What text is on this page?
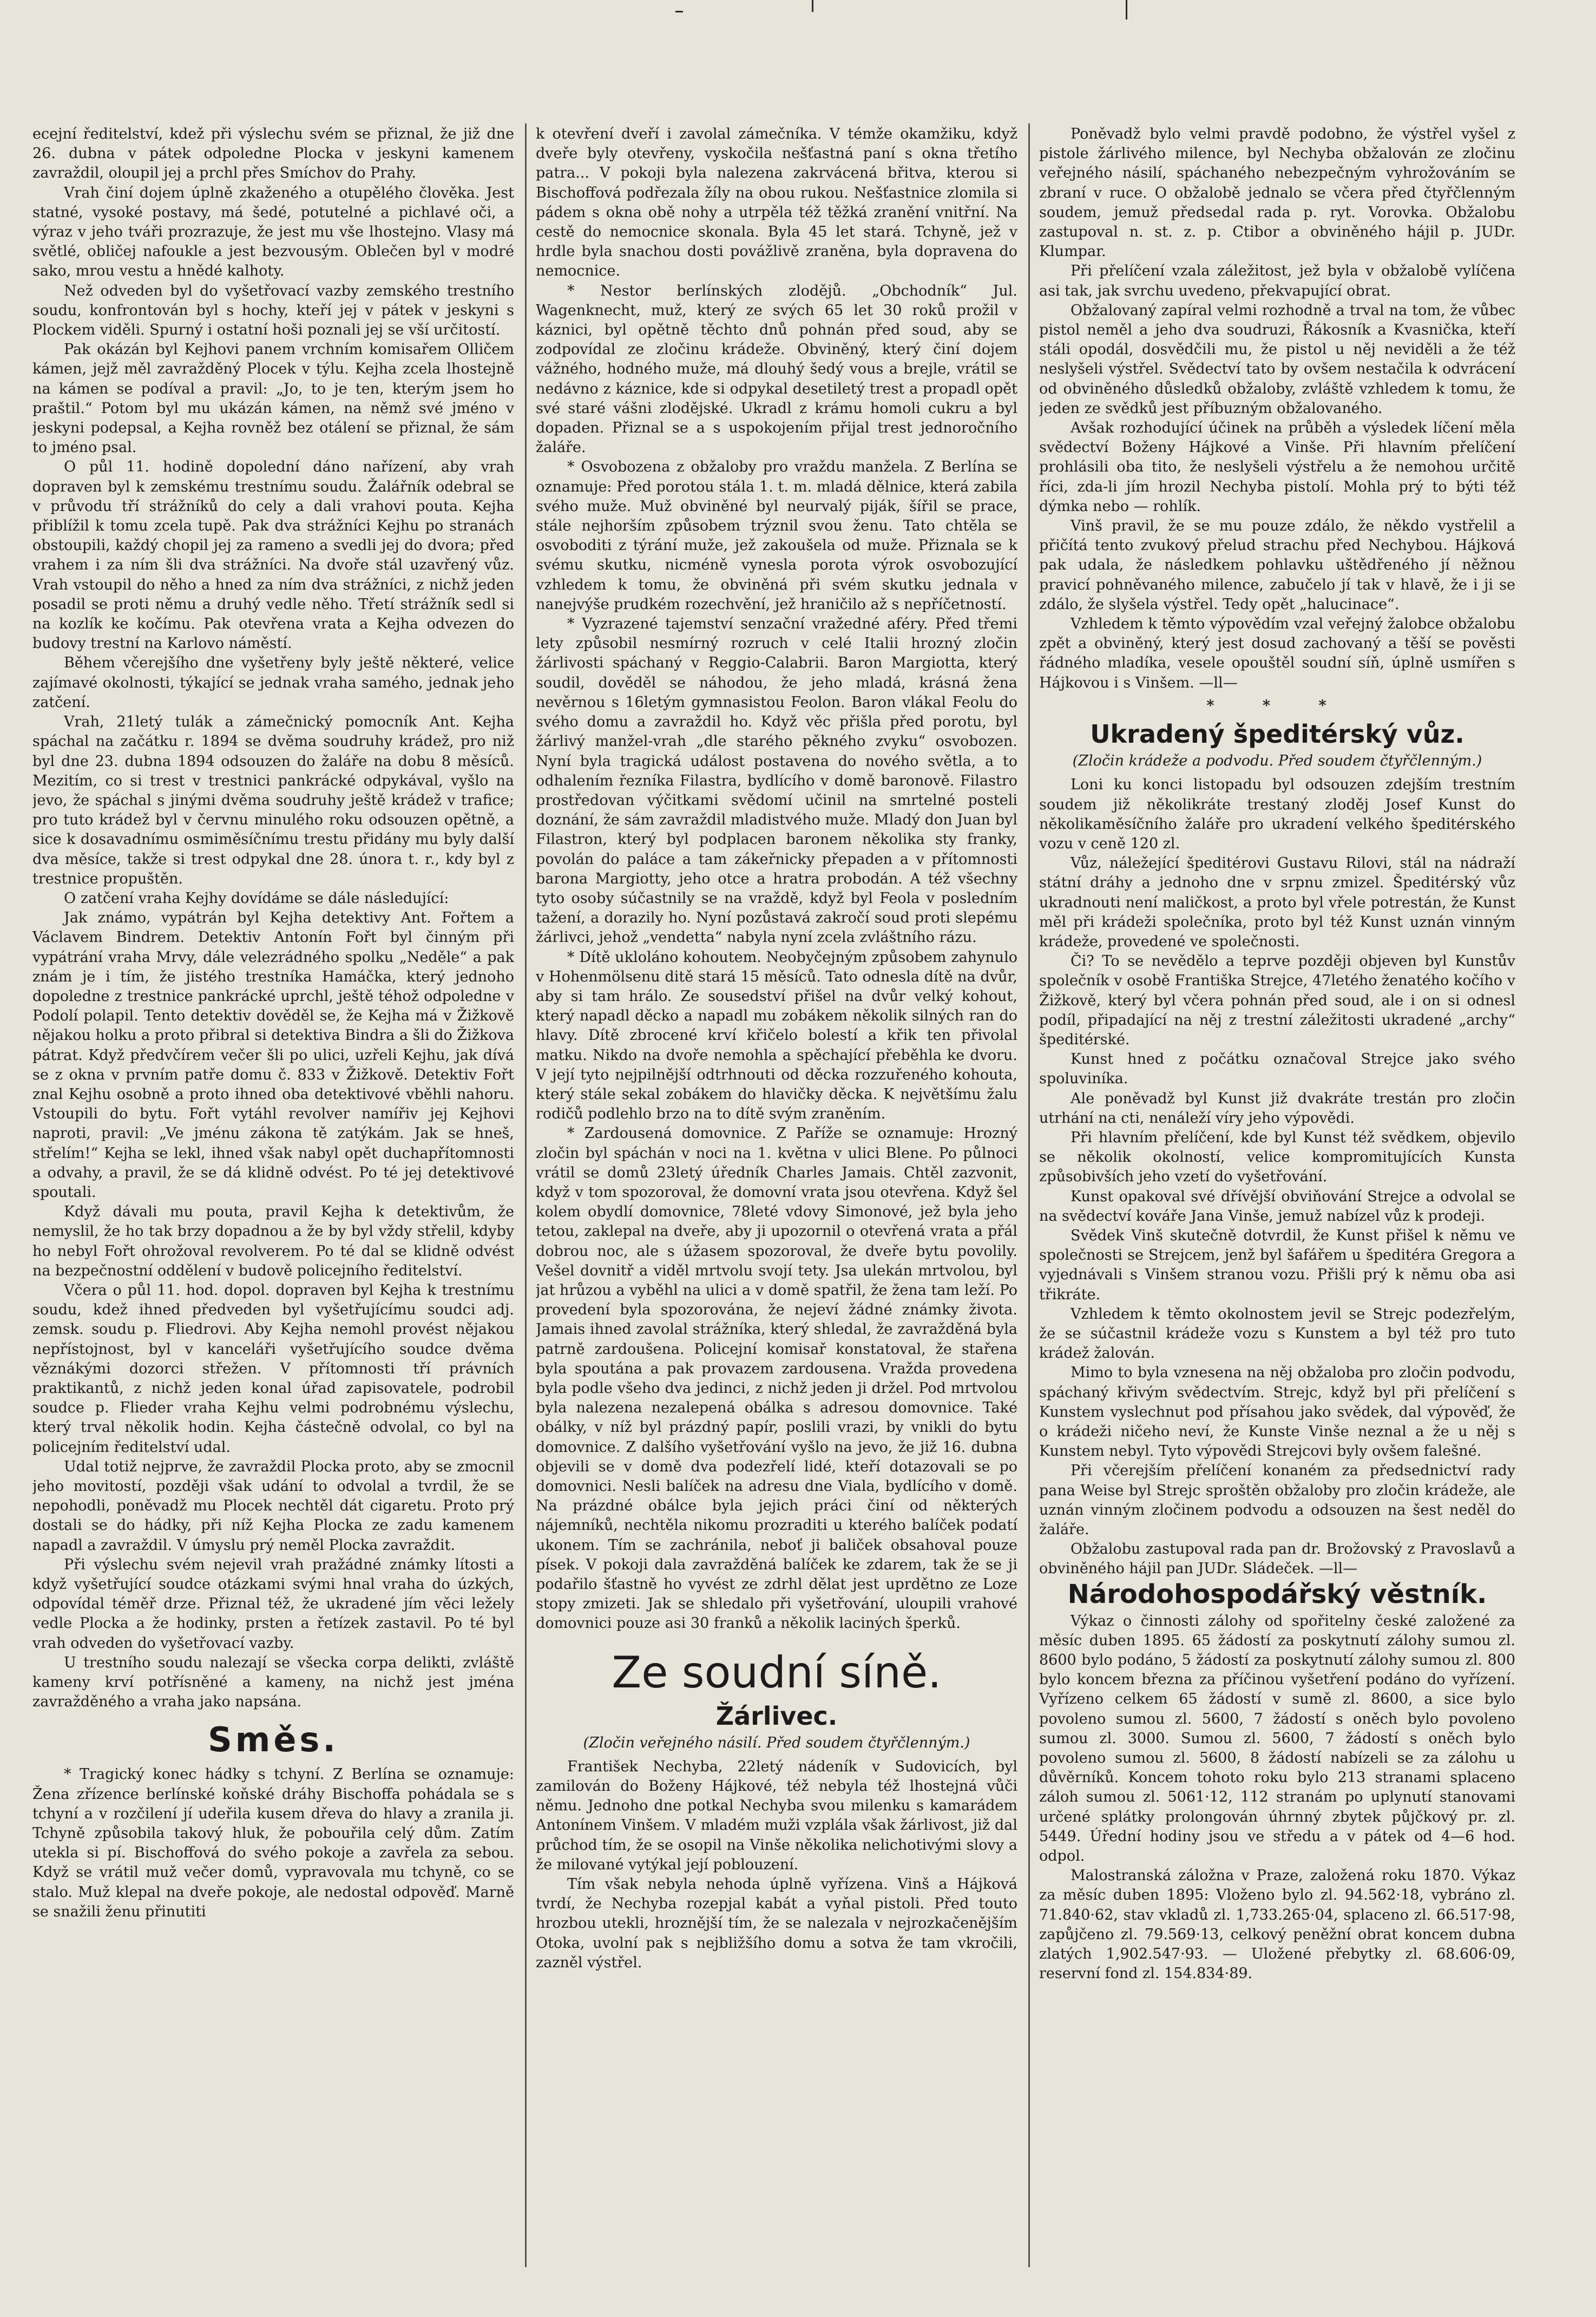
ecejní ředitelství, kdež při výslechu svém se přiznal, že již dne 26. dubna v pátek odpoledne Plocka v jeskyni kamenem zavraždil, oloupil jej a prchl přes Smíchov do Prahy.

Vrah činí dojem úplně zkaženého a otupělého člověka. Jest statné, vysoké postavy, má šedé, potutelné a pichlavé oči, a výraz v jeho tváři prozrazuje, že jest mu vše lhostejno. Vlasy má světlé, obličej nafoukle a jest bezvousým. Oblečen byl v modré sako, mrou vestu a hnědé kalhoty.

Než odveden byl do vyšetřovací vazby zemského trestního soudu, konfrontován byl s hochy, kteří jej v pátek v jeskyni s Plockem viděli. Spurný i ostatní hoši poznali jej se vší určitostí.

Pak okázán byl Kejhovi panem vrchním komisařem Olličem kámen, jejž měl zavražděný Plocek v týlu. Kejha zcela lhostejně na kámen se podíval a pravil: „Jo, to je ten, kterým jsem ho praštil.“ Potom byl mu ukázán kámen, na němž své jméno v jeskyni podepsal, a Kejha rovněž bez otálení se přiznal, že sám to jméno psal.

O půl 11. hodině dopolední dáno nařízení, aby vrah dopraven byl k zemskému trestnímu soudu. Žalářník odebral se v průvodu tří strážníků do cely a dali vrahovi pouta. Kejha přiblížil k tomu zcela tupě. Pak dva strážníci Kejhu po stranách obstoupili, každý chopil jej za rameno a svedli jej do dvora; před vrahem i za ním šli dva strážníci. Na dvoře stál uzavřený vůz. Vrah vstoupil do něho a hned za ním dva strážníci, z nichž jeden posadil se proti němu a druhý vedle něho. Třetí strážník sedl si na kozlík ke kočímu. Pak otevřena vrata a Kejha odvezen do budovy trestní na Karlovo náměstí.

Během včerejšího dne vyšetřeny byly ještě některé, velice zajímavé okolnosti, týkající se jednak vraha samého, jednak jeho zatčení.

Vrah, 21letý tulák a zámečnický pomocník Ant. Kejha spáchal na začátku r. 1894 se dvěma soudruhy krádež, pro niž byl dne 23. dubna 1894 odsouzen do žaláře na dobu 8 měsíců. Mezitím, co si trest v trestnici pankrácké odpykával, vyšlo na jevo, že spáchal s jinými dvěma soudruhy ještě krádež v trafice; pro tuto krádež byl v červnu minulého roku odsouzen opětně, a sice k dosavadnímu osmiměsíčnímu trestu přidány mu byly další dva měsíce, takže si trest odpykal dne 28. února t. r., kdy byl z trestnice propuštěn.

O zatčení vraha Kejhy dovídáme se dále následující:

Jak známo, vypátrán byl Kejha detektivy Ant. Fořtem a Václavem Bindrem. Detektiv Antonín Fořt byl činným při vypátrání vraha Mrvy, dále velezrádného spolku „Neděle“ a pak znám je i tím, že jistého trestníka Hamáčka, který jednoho dopoledne z trestnice pankrácké uprchl, ještě téhož odpoledne v Podolí polapil. Tento detektiv dověděl se, že Kejha má v Žižkově nějakou holku a proto přibral si detektiva Bindra a šli do Žižkova pátrat. Když předvčírem večer šli po ulici, uzřeli Kejhu, jak dívá se z okna v prvním patře domu č. 833 v Žižkově. Detektiv Fořt znal Kejhu osobně a proto ihned oba detektivové vběhli nahoru. Vstoupili do bytu. Fořt vytáhl revolver namířiv jej Kejhovi naproti, pravil: „Ve jménu zákona tě zatýkám. Jak se hneš, střelím!“ Kejha se lekl, ihned však nabyl opět duchapřítomnosti a odvahy, a pravil, že se dá klidně odvést. Po té jej detektivové spoutali.

Když dávali mu pouta, pravil Kejha k detektivům, že nemyslil, že ho tak brzy dopadnou a že by byl vždy střelil, kdyby ho nebyl Fořt ohrožoval revolverem. Po té dal se klidně odvést na bezpečnostní oddělení v budově policejního ředitelství.

Včera o půl 11. hod. dopol. dopraven byl Kejha k trestnímu soudu, kdež ihned předveden byl vyšetřujícímu soudci adj. zemsk. soudu p. Fliedrovi. Aby Kejha nemohl provést nějakou nepřístojnost, byl v kanceláři vyšetřujícího soudce dvěma věznákými dozorci střežen. V přítomnosti tří právních praktikantů, z nichž jeden konal úřad zapisovatele, podrobil soudce p. Flieder vraha Kejhu velmi podrobnému výslechu, který trval několik hodin. Kejha částečně odvolal, co byl na policejním ředitelství udal.

Udal totiž nejprve, že zavraždil Plocka proto, aby se zmocnil jeho movitostí, později však udání to odvolal a tvrdil, že se nepohodli, poněvadž mu Plocek nechtěl dát cigaretu. Proto prý dostali se do hádky, při níž Kejha Plocka ze zadu kamenem napadl a zavraždil. V úmyslu prý neměl Plocka zavraždit.

Při výslechu svém nejevil vrah pražádné známky lítosti a když vyšetřující soudce otázkami svými hnal vraha do úzkých, odpovídal téměř drze. Přiznal též, že ukradené jím věci ležely vedle Plocka a že hodinky, prsten a řetízek zastavil. Po té byl vrah odveden do vyšetřovací vazby.

U trestního soudu nalezají se všecka corpa delikti, zvláště kameny krví potřísněné a kameny, na nichž jest jména zavražděného a vraha jako napsána.

Směs.

* Tragický konec hádky s tchyní. Z Berlína se oznamuje: Žena zřízence berlínské koňské dráhy Bischoffa pohádala se s tchyní a v rozčilení jí udeřila kusem dřeva do hlavy a zranila ji. Tchyně způsobila takový hluk, že pobouřila celý dům. Zatím utekla si pí. Bischoffová do svého pokoje a zavřela za sebou. Když se vrátil muž večer domů, vypravovala mu tchyně, co se stalo. Muž klepal na dveře pokoje, ale nedostal odpověď. Marně se snažili ženu přinutiti

k otevření dveří i zavolal zámečníka. V témže okamžiku, když dveře byly otevřeny, vyskočila nešťastná paní s okna třetího patra... V pokoji byla nalezena zakrvácená břitva, kterou si Bischoffová podřezala žíly na obou rukou. Nešťastnice zlomila si pádem s okna obě nohy a utrpěla též těžká zranění vnitřní. Na cestě do nemocnice skonala. Byla 45 let stará. Tchyně, jež v hrdle byla snachou dosti povážlivě zraněna, byla dopravena do nemocnice.

* Nestor berlínských zlodějů. „Obchodník“ Jul. Wagenknecht, muž, který ze svých 65 let 30 roků prožil v káznici, byl opětně těchto dnů pohnán před soud, aby se zodpovídal ze zločinu krádeže. Obviněný, který činí dojem vážného, hodného muže, má dlouhý šedý vous a brejle, vrátil se nedávno z káznice, kde si odpykal desetiletý trest a propadl opět své staré vášni zlodějské. Ukradl z krámu homoli cukru a byl dopaden. Přiznal se a s uspokojením přijal trest jednoročního žaláře.

* Osvobozena z obžaloby pro vraždu manžela. Z Berlína se oznamuje: Před porotou stála 1. t. m. mladá dělnice, která zabila svého muže. Muž obviněné byl neurvalý piják, šířil se prace, stále nejhorším způsobem trýznil svou ženu. Tato chtěla se osvoboditi z týrání muže, jež zakoušela od muže. Přiznala se k svému skutku, nicméně vynesla porota výrok osvobozující vzhledem k tomu, že obviněná při svém skutku jednala v nanejvýše prudkém rozechvění, jež hraničilo až s nepříčetností.

* Vyzrazené tajemství senzační vražedné aféry. Před třemi lety způsobil nesmírný rozruch v celé Italii hrozný zločin žárlivosti spáchaný v Reggio-Calabrii. Baron Margiotta, který soudil, dověděl se náhodou, že jeho mladá, krásná žena nevěrnou s 16letým gymnasistou Feolon. Baron vlákal Feolu do svého domu a zavraždil ho. Když věc přišla před porotu, byl žárlivý manžel-vrah „dle starého pěkného zvyku“ osvobozen. Nyní byla tragická událost postavena do nového světla, a to odhalením řezníka Filastra, bydlícího v domě baronově. Filastro prostředovan výčitkami svědomí učinil na smrtelné posteli doznání, že sám zavraždil mladistvého muže. Mladý don Juan byl Filastron, který byl podplacen baronem několika sty franky, povolán do paláce a tam zákeřnicky přepaden a v přítomnosti barona Margiotty, jeho otce a hratra probodán. A též všechny tyto osoby súčastnily se na vraždě, když byl Feola v posledním tažení, a dorazily ho. Nyní pozůstavá zakročí soud proti slepému žárlivci, jehož „vendetta“ nabyla nyní zcela zvláštního rázu.

* Dítě ukloláno kohoutem. Neobyčejným způsobem zahynulo v Hohenmölsenu ditě stará 15 měsíců. Tato odnesla dítě na dvůr, aby si tam hrálo. Ze sousedství přišel na dvůr velký kohout, který napadl děcko a napadl mu zobákem několik silných ran do hlavy. Dítě zbrocené krví křičelo bolestí a křik ten přivolal matku. Nikdo na dvoře nemohla a spěchající přeběhla ke dvoru. V její tyto nejpilnější odtrhnouti od děcka rozzuřeného kohouta, který stále sekal zobákem do hlavičky děcka. K největšímu žalu rodičů podlehlo brzo na to dítě svým zraněním.

* Zardousená domovnice. Z Paříže se oznamuje: Hrozný zločin byl spáchán v noci na 1. května v ulici Blene. Po půlnoci vrátil se domů 23letý úředník Charles Jamais. Chtěl zazvonit, když v tom spozoroval, že domovní vrata jsou otevřena. Když šel kolem obydlí domovnice, 78leté vdovy Simonové, jež byla jeho tetou, zaklepal na dveře, aby ji upozornil o otevřená vrata a přál dobrou noc, ale s úžasem spozoroval, že dveře bytu povolily. Vešel dovnitř a viděl mrtvolu svojí tety. Jsa ulekán mrtvolou, byl jat hrůzou a vyběhl na ulici a v domě spatřil, že žena tam leží. Po provedení byla spozorována, že nejeví žádné známky života. Jamais ihned zavolal strážníka, který shledal, že zavražděná byla patrně zardoušena. Policejní komisař konstatoval, že stařena byla spoutána a pak provazem zardousena. Vražda provedena byla podle všeho dva jedinci, z nichž jeden ji držel. Pod mrtvolou byla nalezena nezalepená obálka s adresou domovnice. Také obálky, v níž byl prázdný papír, poslili vrazi, by vnikli do bytu domovnice. Z dalšího vyšetřování vyšlo na jevo, že již 16. dubna objevili se v domě dva podezřelí lidé, kteří dotazovali se po domovnici. Nesli balíček na adresu dne Viala, bydlícího v domě. Na prázdné obálce byla jejich práci činí od některých nájemníků, nechtěla nikomu prozraditi u kterého balíček podatí ukonem. Tím se zachránila, neboť ji baliček obsahoval pouze písek. V pokoji dala zavražděná balíček ke zdarem, tak že se ji podařilo šťastně ho vyvést ze zdrhl dělat jest uprdětno ze Loze stopy zmizeti. Jak se shledalo při vyšetřování, uloupili vrahové domovnici pouze asi 30 franků a několik laciných šperků.

Ze soudní síně.
Žárlivec.
(Zločin veřejného násilí. Před soudem čtyřčlenným.)

František Nechyba, 22letý nádeník v Sudovicích, byl zamilován do Boženy Hájkové, též nebyla též lhostejná vůči němu. Jednoho dne potkal Nechyba svou milenku s kamarádem Antonínem Vinšem. V mladém muži vzplála však žárlivost, již dal průchod tím, že se osopil na Vinše několika nelichotivými slovy a že milované vytýkal její poblouzení.

Tím však nebyla nehoda úplně vyřízena. Vinš a Hájková tvrdí, že Nechyba rozepjal kabát a vyňal pistoli. Před touto hrozbou utekli, hroznější tím, že se nalezala v nejrozkačenějším Otoka, uvolní pak s nejbližšího domu a sotva že tam vkročili, zazněl výstřel.

Poněvadž bylo velmi pravdě podobno, že výstřel vyšel z pistole žárlivého milence, byl Nechyba obžalován ze zločinu veřejného násilí, spáchaného nebezpečným vyhrožováním se zbraní v ruce. O obžalobě jednalo se včera před čtyřčlenným soudem, jemuž předsedal rada p. ryt. Vorovka. Obžalobu zastupoval n. st. z. p. Ctibor a obviněného hájil p. JUDr. Klumpar.

Při přelíčení vzala záležitost, jež byla v obžalobě vylíčena asi tak, jak svrchu uvedeno, překvapující obrat.

Obžalovaný zapíral velmi rozhodně a trval na tom, že vůbec pistol neměl a jeho dva soudruzi, Řákosník a Kvasnička, kteří stáli opodál, dosvědčili mu, že pistol u něj neviděli a že též neslyšeli výstřel. Svědectví tato by ovšem nestačila k odvrácení od obviněného důsledků obžaloby, zvláště vzhledem k tomu, že jeden ze svědků jest příbuzným obžalovaného.

Avšak rozhodující účinek na průběh a výsledek líčení měla svědectví Boženy Hájkové a Vinše. Při hlavním přelíčení prohlásili oba tito, že neslyšeli výstřelu a že nemohou určitě říci, zda-li jím hrozil Nechyba pistolí. Mohla prý to býti též dýmka nebo — rohlík.

Vinš pravil, že se mu pouze zdálo, že někdo vystřelil a přičítá tento zvukový přelud strachu před Nechybou. Hájková pak udala, že následkem pohlavku uštědřeného jí něžnou pravicí pohněvaného milence, zabučelo jí tak v hlavě, že i ji se zdálo, že slyšela výstřel. Tedy opět „halucinace“.

Vzhledem k těmto výpovědím vzal veřejný žalobce obžalobu zpět a obviněný, který jest dosud zachovaný a těší se pověsti řádného mladíka, vesele opouštěl soudní síň, úplně usmířen s Hájkovou i s Vinšem. —ll—

* * *
Ukradený špeditérský vůz.
(Zločin krádeže a podvodu. Před soudem čtyřčlenným.)

Loni ku konci listopadu byl odsouzen zdejším trestním soudem již několikráte trestaný zloděj Josef Kunst do několikaměsíčního žaláře pro ukradení velkého špeditérského vozu v ceně 120 zl.

Vůz, náležející špeditérovi Gustavu Rilovi, stál na nádraží státní dráhy a jednoho dne v srpnu zmizel. Špeditérský vůz ukradnouti není maličkost, a proto byl vřele potrestán, že Kunst měl při krádeži společníka, proto byl též Kunst uznán vinným krádeže, provedené ve společnosti.

Či? To se nevědělo a teprve později objeven byl Kunstův společník v osobě Františka Strejce, 47letého ženatého kočího v Žižkově, který byl včera pohnán před soud, ale i on si odnesl podíl, připadající na něj z trestní záležitosti ukradené „archy“ špeditérské.

Kunst hned z počátku označoval Strejce jako svého spoluviníka.

Ale poněvadž byl Kunst již dvakráte trestán pro zločin utrhání na cti, nenáleží víry jeho výpovědi.

Při hlavním přelíčení, kde byl Kunst též svědkem, objevilo se několik okolností, velice kompromitujících Kunsta způsobivších jeho vzetí do vyšetřování.

Kunst opakoval své dřívější obviňování Strejce a odvolal se na svědectví kováře Jana Vinše, jemuž nabízel vůz k prodeji.

Svědek Vinš skutečně dotvrdil, že Kunst přišel k němu ve společnosti se Strejcem, jenž byl šafářem u špeditéra Gregora a vyjednávali s Vinšem stranou vozu. Přišli prý k němu oba asi třikráte.

Vzhledem k těmto okolnostem jevil se Strejc podezřelým, že se súčastnil krádeže vozu s Kunstem a byl též pro tuto krádež žalován.

Mimo to byla vznesena na něj obžaloba pro zločin podvodu, spáchaný křivým svědectvím. Strejc, když byl při přelíčení s Kunstem vyslechnut pod přísahou jako svědek, dal výpověď, že o krádeži ničeho neví, že Kunste Vinše neznal a že u něj s Kunstem nebyl. Tyto výpovědi Strejcovi byly ovšem falešné.

Při včerejším přelíčení konaném za předsednictví rady pana Weise byl Strejc sproštěn obžaloby pro zločin krádeže, ale uznán vinným zločinem podvodu a odsouzen na šest neděl do žaláře.

Obžalobu zastupoval rada pan dr. Brožovský z Pravoslavů a obviněného hájil pan JUDr. Sládeček. —ll—

Národohospodářský věstník.

Výkaz o činnosti zálohy od spořitelny české založené za měsíc duben 1895. 65 žádostí za poskytnutí zálohy sumou zl. 8600 bylo podáno, 5 žádostí za poskytnutí zálohy sumou zl. 800 bylo koncem března za příčinou vyšetření podáno do vyřízení. Vyřízeno celkem 65 žádostí v sumě zl. 8600, a sice bylo povoleno sumou zl. 5600, 7 žádostí s oněch bylo povoleno sumou zl. 3000. Sumou zl. 5600, 7 žádostí s oněch bylo povoleno sumou zl. 5600, 8 žádostí nabízeli se za zálohu u důvěrníků. Koncem tohoto roku bylo 213 stranami splaceno záloh sumou zl. 5061·12, 112 stranám po uplynutí stanovami určené splátky prolongován úhrnný zbytek půjčkový pr. zl. 5449. Úřední hodiny jsou ve středu a v pátek od 4—6 hod. odpol.

Malostranská záložna v Praze, založená roku 1870. Výkaz za měsíc duben 1895: Vloženo bylo zl. 94.562·18, vybráno zl. 71.840·62, stav vkladů zl. 1,733.265·04, splaceno zl. 66.517·98, zapůjčeno zl. 79.569·13, celkový peněžní obrat koncem dubna zlatých 1,902.547·93. — Uložené přebytky zl. 68.606·09, reservní fond zl. 154.834·89.
